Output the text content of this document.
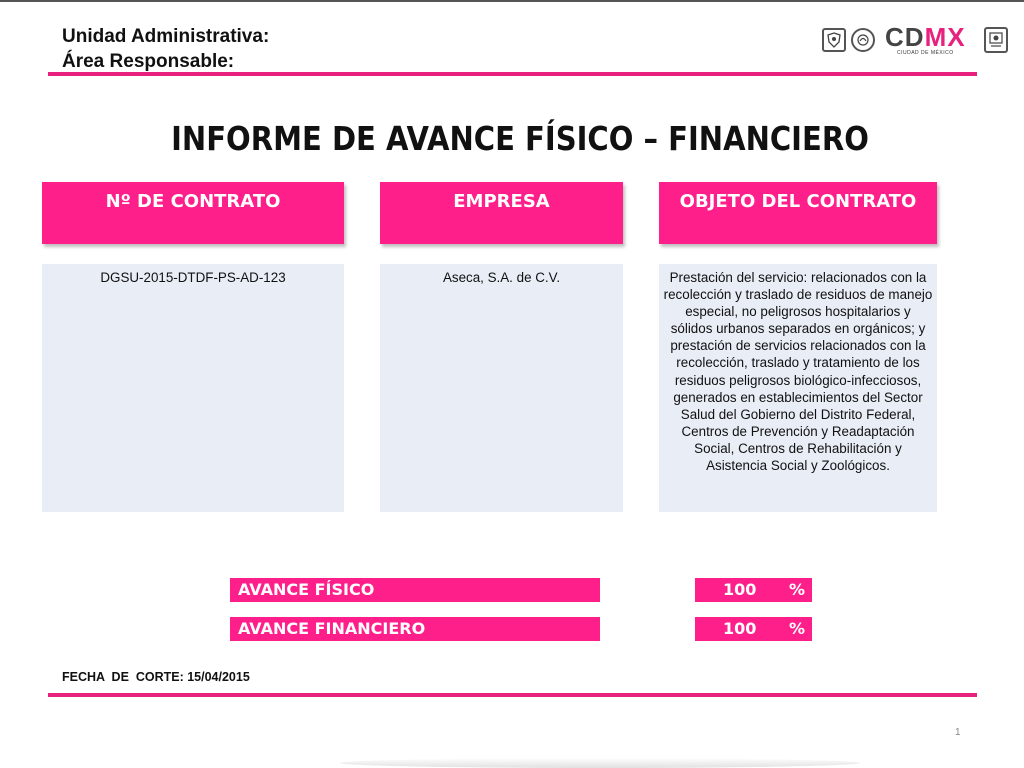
Unidad Administrativa:
Área Responsable:
CDMX
CIUDAD DE MÉXICO
INFORME DE AVANCE FÍSICO – FINANCIERO
Nº DE CONTRATO	EMPRESA	OBJETO DEL CONTRATO
DGSU-2015-DTDF-PS-AD-123	Aseca, S.A. de C.V.	Prestación del servicio: relacionados con la recolección y traslado de residuos de manejo especial, no peligrosos hospitalarios y sólidos urbanos separados en orgánicos; y prestación de servicios relacionados con la recolección, traslado y tratamiento de los residuos peligrosos biológico-infecciosos, generados en establecimientos del Sector Salud del Gobierno del Distrito Federal, Centros de Prevención y Readaptación Social, Centros de Rehabilitación y Asistencia Social y Zoológicos.
AVANCE FÍSICO	100 %
AVANCE FINANCIERO	100 %
FECHA  DE  CORTE: 15/04/2015
1
